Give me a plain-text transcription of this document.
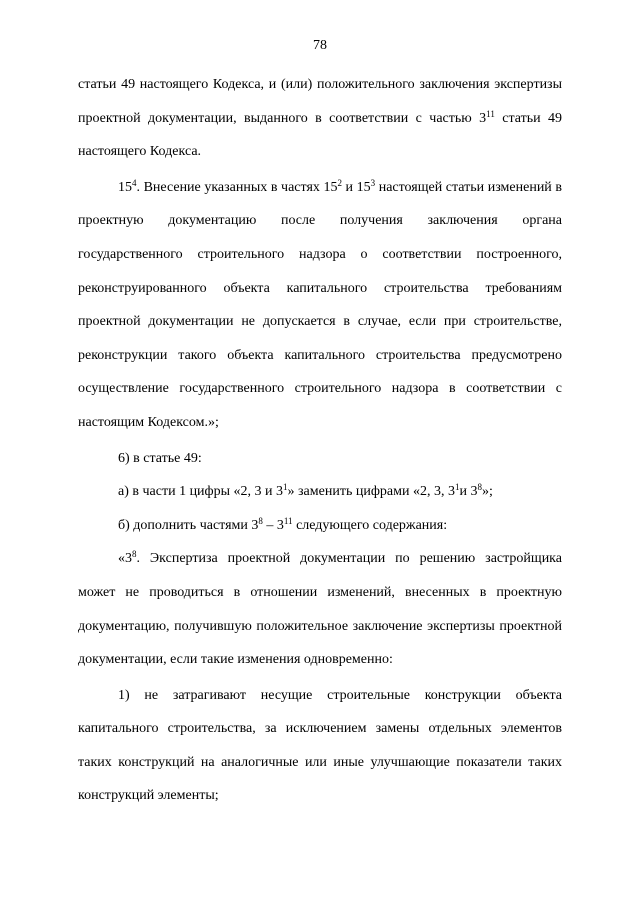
78

статьи 49 настоящего Кодекса, и (или) положительного заключения экспертизы проектной документации, выданного в соответствии с частью $3^{11}$ статьи 49 настоящего Кодекса.

$15^4$. Внесение указанных в частях $15^2$ и $15^3$ настоящей статьи изменений в проектную документацию после получения заключения органа государственного строительного надзора о соответствии построенного, реконструированного объекта капитального строительства требованиям проектной документации не допускается в случае, если при строительстве, реконструкции такого объекта капитального строительства предусмотрено осуществление государственного строительного надзора в соответствии с настоящим Кодексом.»;

6) в статье 49:

а) в части 1 цифры «2, 3 и $3^1$» заменить цифрами «2, 3, $3^1и$ $3^8$»;

б) дополнить частями $3^8 - 3^{11}$ следующего содержания:

«$3^8$. Экспертиза проектной документации по решению застройщика может не проводиться в отношении изменений, внесенных в проектную документацию, получившую положительное заключение экспертизы проектной документации, если такие изменения одновременно:

1) не затрагивают несущие строительные конструкции объекта капитального строительства, за исключением замены отдельных элементов таких конструкций на аналогичные или иные улучшающие показатели таких конструкций элементы;
